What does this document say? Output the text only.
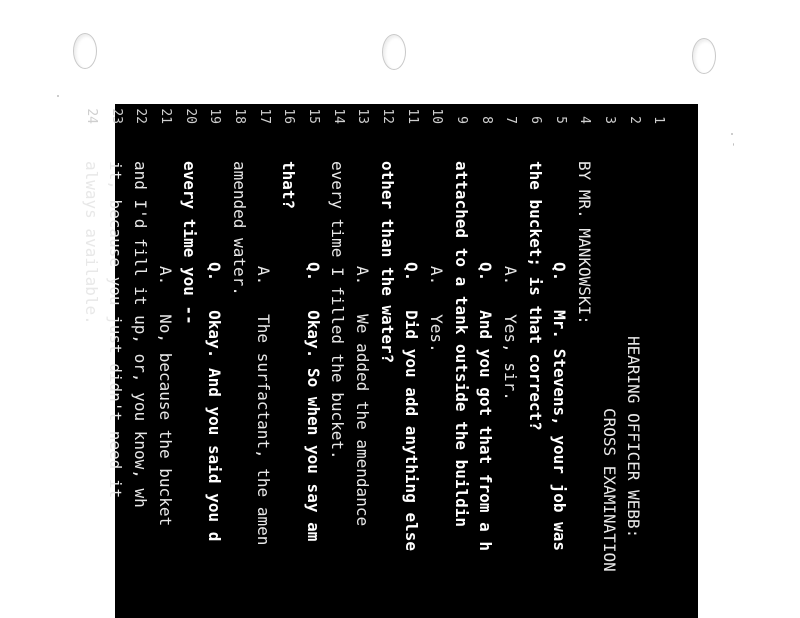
1

HEARING OFFICER WEBB:

2

CROSS EXAMINATION

3

BY MR. MANKOWSKI:

4

Q.   Mr. Stevens, your job was

5

the bucket; is that correct?

6

A.   Yes, sir.

7

Q.   And you got that from a h

8

attached to a tank outside the buildin

9

A.   Yes.

10

Q.   Did you add anything else

11

other than the water?

12

A.   We added the amendance

13

every time I filled the bucket.

14

Q.   Okay. So when you say am

15

that?

16

A.   The surfactant, the amen

17

amended water.

18

Q.   Okay. And you said you d

19

every time you --

20

A.   No, because the bucket

21

and I'd fill it up, or, you know, wh

22

it, because you just didn't need it

23

always available.

24

Q.   And what do you believe i
